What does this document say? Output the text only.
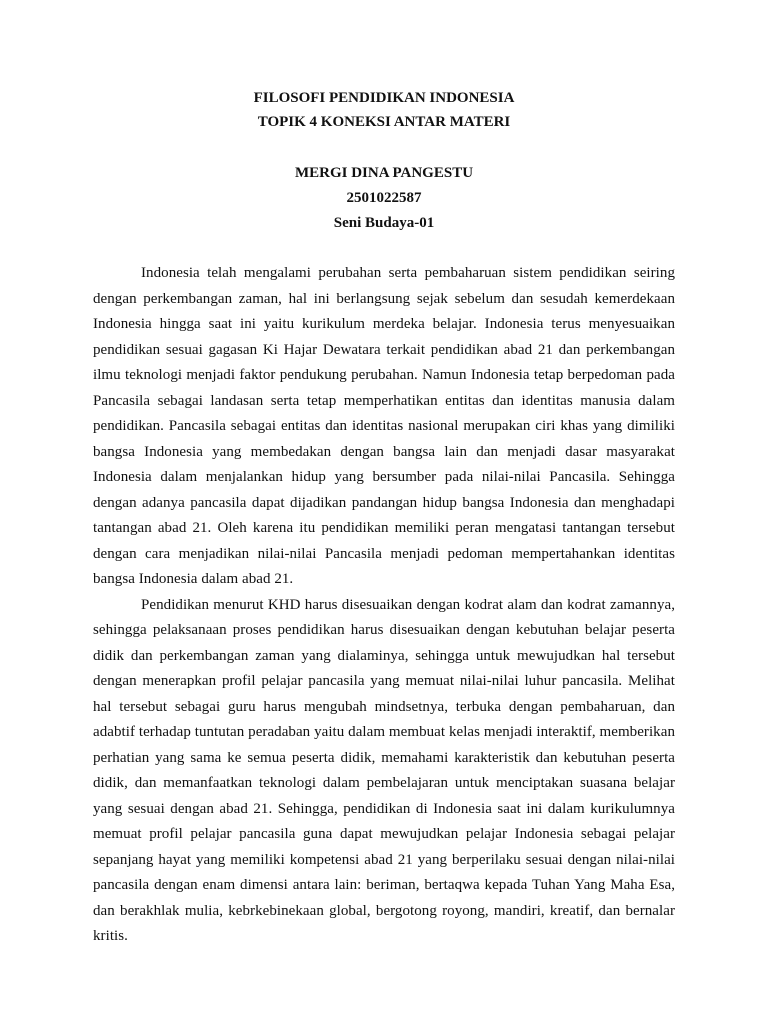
FILOSOFI PENDIDIKAN INDONESIA
TOPIK 4 KONEKSI ANTAR MATERI
MERGI DINA PANGESTU
2501022587
Seni Budaya-01

Indonesia telah mengalami perubahan serta pembaharuan sistem pendidikan seiring dengan perkembangan zaman, hal ini berlangsung sejak sebelum dan sesudah kemerdekaan Indonesia hingga saat ini yaitu kurikulum merdeka belajar. Indonesia terus menyesuaikan pendidikan sesuai gagasan Ki Hajar Dewatara terkait pendidikan abad 21 dan perkembangan ilmu teknologi menjadi faktor pendukung perubahan. Namun Indonesia tetap berpedoman pada Pancasila sebagai landasan serta tetap memperhatikan entitas dan identitas manusia dalam pendidikan. Pancasila sebagai entitas dan identitas nasional merupakan ciri khas yang dimiliki bangsa Indonesia yang membedakan dengan bangsa lain dan menjadi dasar masyarakat Indonesia dalam menjalankan hidup yang bersumber pada nilai-nilai Pancasila. Sehingga dengan adanya pancasila dapat dijadikan pandangan hidup bangsa Indonesia dan menghadapi tantangan abad 21. Oleh karena itu pendidikan memiliki peran mengatasi tantangan tersebut dengan cara menjadikan nilai-nilai Pancasila menjadi pedoman mempertahankan identitas bangsa Indonesia dalam abad 21.

Pendidikan menurut KHD harus disesuaikan dengan kodrat alam dan kodrat zamannya, sehingga pelaksanaan proses pendidikan harus disesuaikan dengan kebutuhan belajar peserta didik dan perkembangan zaman yang dialaminya, sehingga untuk mewujudkan hal tersebut dengan menerapkan profil pelajar pancasila yang memuat nilai-nilai luhur pancasila. Melihat hal tersebut sebagai guru harus mengubah mindsetnya, terbuka dengan pembaharuan, dan adabtif terhadap tuntutan peradaban yaitu dalam membuat kelas menjadi interaktif, memberikan perhatian yang sama ke semua peserta didik, memahami karakteristik dan kebutuhan peserta didik, dan memanfaatkan teknologi dalam pembelajaran untuk menciptakan suasana belajar yang sesuai dengan abad 21. Sehingga, pendidikan di Indonesia saat ini dalam kurikulumnya memuat profil pelajar pancasila guna dapat mewujudkan pelajar Indonesia sebagai pelajar sepanjang hayat yang memiliki kompetensi abad 21 yang berperilaku sesuai dengan nilai-nilai pancasila dengan enam dimensi antara lain: beriman, bertaqwa kepada Tuhan Yang Maha Esa, dan berakhlak mulia, kebrkebinekaan global, bergotong royong, mandiri, kreatif, dan bernalar kritis.
